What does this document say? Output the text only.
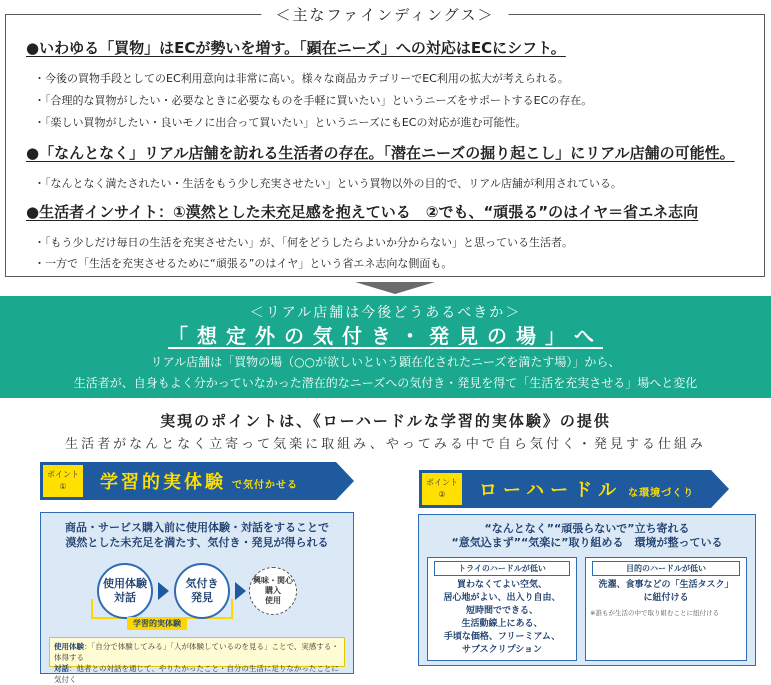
＜主なファインディングス＞
●いわゆる「買物」はECが勢いを増す。「顕在ニーズ」への対応はECにシフト。
・今後の買物手段としてのEC利用意向は非常に高い。様々な商品カテゴリーでEC利用の拡大が考えられる。
・「合理的な買物がしたい・必要なときに必要なものを手軽に買いたい」というニーズをサポートするECの存在。
・「楽しい買物がしたい・良いモノに出合って買いたい」というニーズにもECの対応が進む可能性。
●「なんとなく」リアル店舗を訪れる生活者の存在。「潜在ニーズの掘り起こし」にリアル店舗の可能性。
・「なんとなく満たされたい・生活をもう少し充実させたい」という買物以外の目的で、リアル店舗が利用されている。
●生活者インサイト：①漠然とした未充足感を抱えている　②でも、“頑張る”のはイヤ＝省エネ志向
・「もう少しだけ毎日の生活を充実させたい」が、「何をどうしたらよいか分からない」と思っている生活者。
・一方で「生活を充実させるために“頑張る”のはイヤ」という省エネ志向な側面も。
＜リアル店舗は今後どうあるべきか＞
「想定外の気付き・発見の場」へ
リアル店舗は「買物の場（○○が欲しいという顕在化されたニーズを満たす場）」から、
生活者が、自身もよく分かっていなかった潜在的なニーズへの気付き・発見を得て「生活を充実させる」場へと変化
実現のポイントは、《ローハードルな学習的実体験》の提供
生活者がなんとなく立寄って気楽に取組み、やってみる中で自ら気付く・発見する仕組み
ポイント
①	学習的実体験 で気付かせる
商品・サービス購入前に使用体験・対話をすることで
漠然とした未充足を満たす、気付き・発見が得られる
使用体験
対話
気付き
発見
興味・関心
購入
使用
学習的実体験
使用体験：「自分で体験してみる」「人が体験しているのを見る」ことで、実感する・体得する
対話：他者との対話を通じて、やりたかったこと・自分の生活に足りなかったことに気付く
ポイント
②	ローハードル な環境づくり
“なんとなく”“頑張らないで”立ち寄れる
“意気込まず”“気楽に”取り組める　環境が整っている
トライのハードルが低い
買わなくてよい空気、
居心地がよい、出入り自由、
短時間でできる、
生活動線上にある、
手頃な価格、フリーミアム、
サブスクリプション
目的のハードルが低い
洗濯、食事などの「生活タスク」
に紐付ける
※誰もが生活の中で取り組むことに紐付ける
